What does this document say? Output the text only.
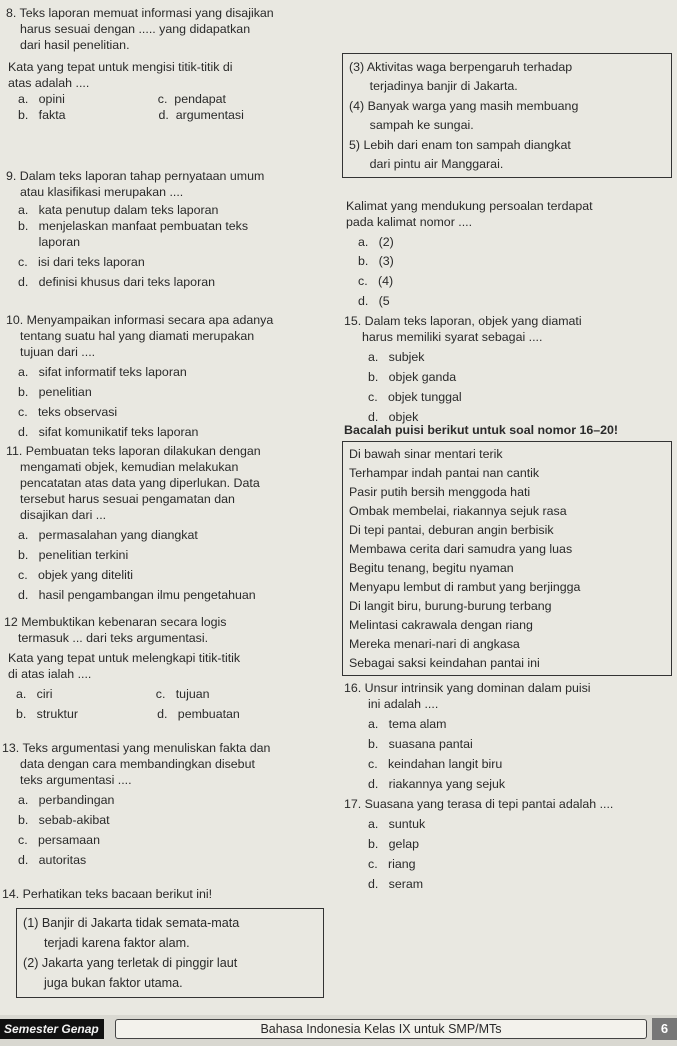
8. Teks laporan memuat informasi yang disajikan
harus sesuai dengan ..... yang didapatkan
dari hasil penelitian.
Kata yang tepat untuk mengisi titik-titik di
atas adalah ....
a.   opini                           c.  pendapat
b.   fakta                           d.  argumentasi
9. Dalam teks laporan tahap pernyataan umum
atau klasifikasi merupakan ....
a.   kata penutup dalam teks laporan
b.   menjelaskan manfaat pembuatan teks
laporan
c.   isi dari teks laporan
d.   definisi khusus dari teks laporan
10. Menyampaikan informasi secara apa adanya
tentang suatu hal yang diamati merupakan
tujuan dari ....
a.   sifat informatif teks laporan
b.   penelitian
c.   teks observasi
d.   sifat komunikatif teks laporan
11. Pembuatan teks laporan dilakukan dengan
mengamati objek, kemudian melakukan
pencatatan atas data yang diperlukan. Data
tersebut harus sesuai pengamatan dan
disajikan dari ...
a.   permasalahan yang diangkat
b.   penelitian terkini
c.   objek yang diteliti
d.   hasil pengambangan ilmu pengetahuan
12 Membuktikan kebenaran secara logis
termasuk ... dari teks argumentasi.
Kata yang tepat untuk melengkapi titik-titik
di atas ialah ....
a.   ciri                              c.   tujuan
b.   struktur                       d.   pembuatan
13. Teks argumentasi yang menuliskan fakta dan
data dengan cara membandingkan disebut
teks argumentasi ....
a.   perbandingan
b.   sebab-akibat
c.   persamaan
d.   autoritas
14. Perhatikan teks bacaan berikut ini!
(1) Banjir di Jakarta tidak semata-mata
terjadi karena faktor alam.
(2) Jakarta yang terletak di pinggir laut
juga bukan faktor utama.
(3) Aktivitas waga berpengaruh terhadap
terjadinya banjir di Jakarta.
(4) Banyak warga yang masih membuang
sampah ke sungai.
5) Lebih dari enam ton sampah diangkat
dari pintu air Manggarai.
Kalimat yang mendukung persoalan terdapat
pada kalimat nomor ....
a.   (2)
b.   (3)
c.   (4)
d.   (5
15. Dalam teks laporan, objek yang diamati
harus memiliki syarat sebagai ....
a.   subjek
b.   objek ganda
c.   objek tunggal
d.   objek
Bacalah puisi berikut untuk soal nomor 16–20!
Di bawah sinar mentari terik
Terhampar indah pantai nan cantik
Pasir putih bersih menggoda hati
Ombak membelai, riakannya sejuk rasa
Di tepi pantai, deburan angin berbisik
Membawa cerita dari samudra yang luas
Begitu tenang, begitu nyaman
Menyapu lembut di rambut yang berjingga
Di langit biru, burung-burung terbang
Melintasi cakrawala dengan riang
Mereka menari-nari di angkasa
Sebagai saksi keindahan pantai ini
16. Unsur intrinsik yang dominan dalam puisi
ini adalah ....
a.   tema alam
b.   suasana pantai
c.   keindahan langit biru
d.   riakannya yang sejuk
17. Suasana yang terasa di tepi pantai adalah ....
a.   suntuk
b.   gelap
c.   riang
d.   seram
Semester Genap	Bahasa Indonesia Kelas IX untuk SMP/MTs	6
